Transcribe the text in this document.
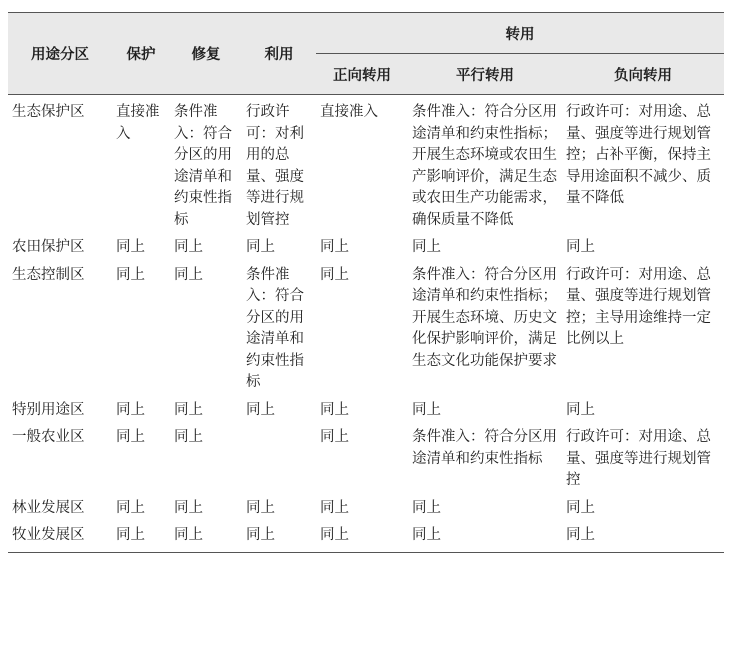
用途分区	保护	修复	利用	转用		
				正向转用	平行转用	负向转用
生态保护区	直接准入	条件准入：符合分区的用途清单和约束性指标	行政许可：对利用的总量、强度等进行规划管控	直接准入	条件准入：符合分区用途清单和约束性指标；开展生态环境或农田生产影响评价，满足生态或农田生产功能需求，确保质量不降低	行政许可：对用途、总量、强度等进行规划管控；占补平衡，保持主导用途面积不减少、质量不降低
农田保护区	同上	同上	同上	同上	同上	同上
生态控制区	同上	同上	条件准入：符合分区的用途清单和约束性指标	同上	条件准入：符合分区用途清单和约束性指标；开展生态环境、历史文化保护影响评价，满足生态文化功能保护要求	行政许可：对用途、总量、强度等进行规划管控；主导用途维持一定比例以上
特别用途区	同上	同上	同上	同上	同上	同上
一般农业区	同上	同上		同上	条件准入：符合分区用途清单和约束性指标	行政许可：对用途、总量、强度等进行规划管控
林业发展区	同上	同上	同上	同上	同上	同上
牧业发展区	同上	同上	同上	同上	同上	同上
